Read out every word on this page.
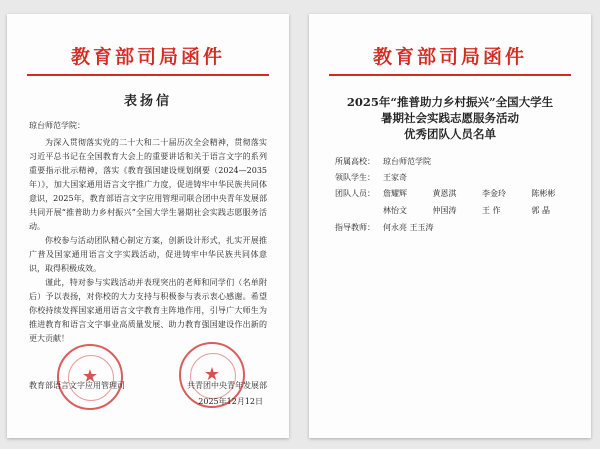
教育部司局函件
表扬信
琼台师范学院：

为深入贯彻落实党的二十大和二十届历次全会精神，贯彻落实习近平总书记在全国教育大会上的重要讲话和关于语言文字的系列重要指示批示精神，落实《教育强国建设规划纲要（2024—2035年）》，加大国家通用语言文字推广力度，促进铸牢中华民族共同体意识，2025年，教育部语言文字应用管理司联合团中央青年发展部共同开展“推普助力乡村振兴”全国大学生暑期社会实践志愿服务活动。

你校参与活动团队精心制定方案，创新设计形式，扎实开展推广普及国家通用语言文字实践活动，促进铸牢中华民族共同体意识，取得积极成效。

谨此，特对参与实践活动并表现突出的老师和同学们（名单附后）予以表扬，对你校的大力支持与积极参与表示衷心感谢。希望你校持续发挥国家通用语言文字教育主阵地作用，引导广大师生为推进教育和语言文字事业高质量发展、助力教育强国建设作出新的更大贡献！

★	★
教育部语言文字应用管理司	共青团中央青年发展部
2025年12月12日
教育部司局函件
2025年“推普助力乡村振兴”全国大学生
暑期社会实践志愿服务活动
优秀团队人员名单
所属高校：	琼台师范学院
领队学生：	王家奇
团队人员：	詹耀辉	黄恩淇	李金玲	陈彬彬
林怡文	仲国涛	王 作	郭 晶
指导教师：	何永亮 王玉涛
